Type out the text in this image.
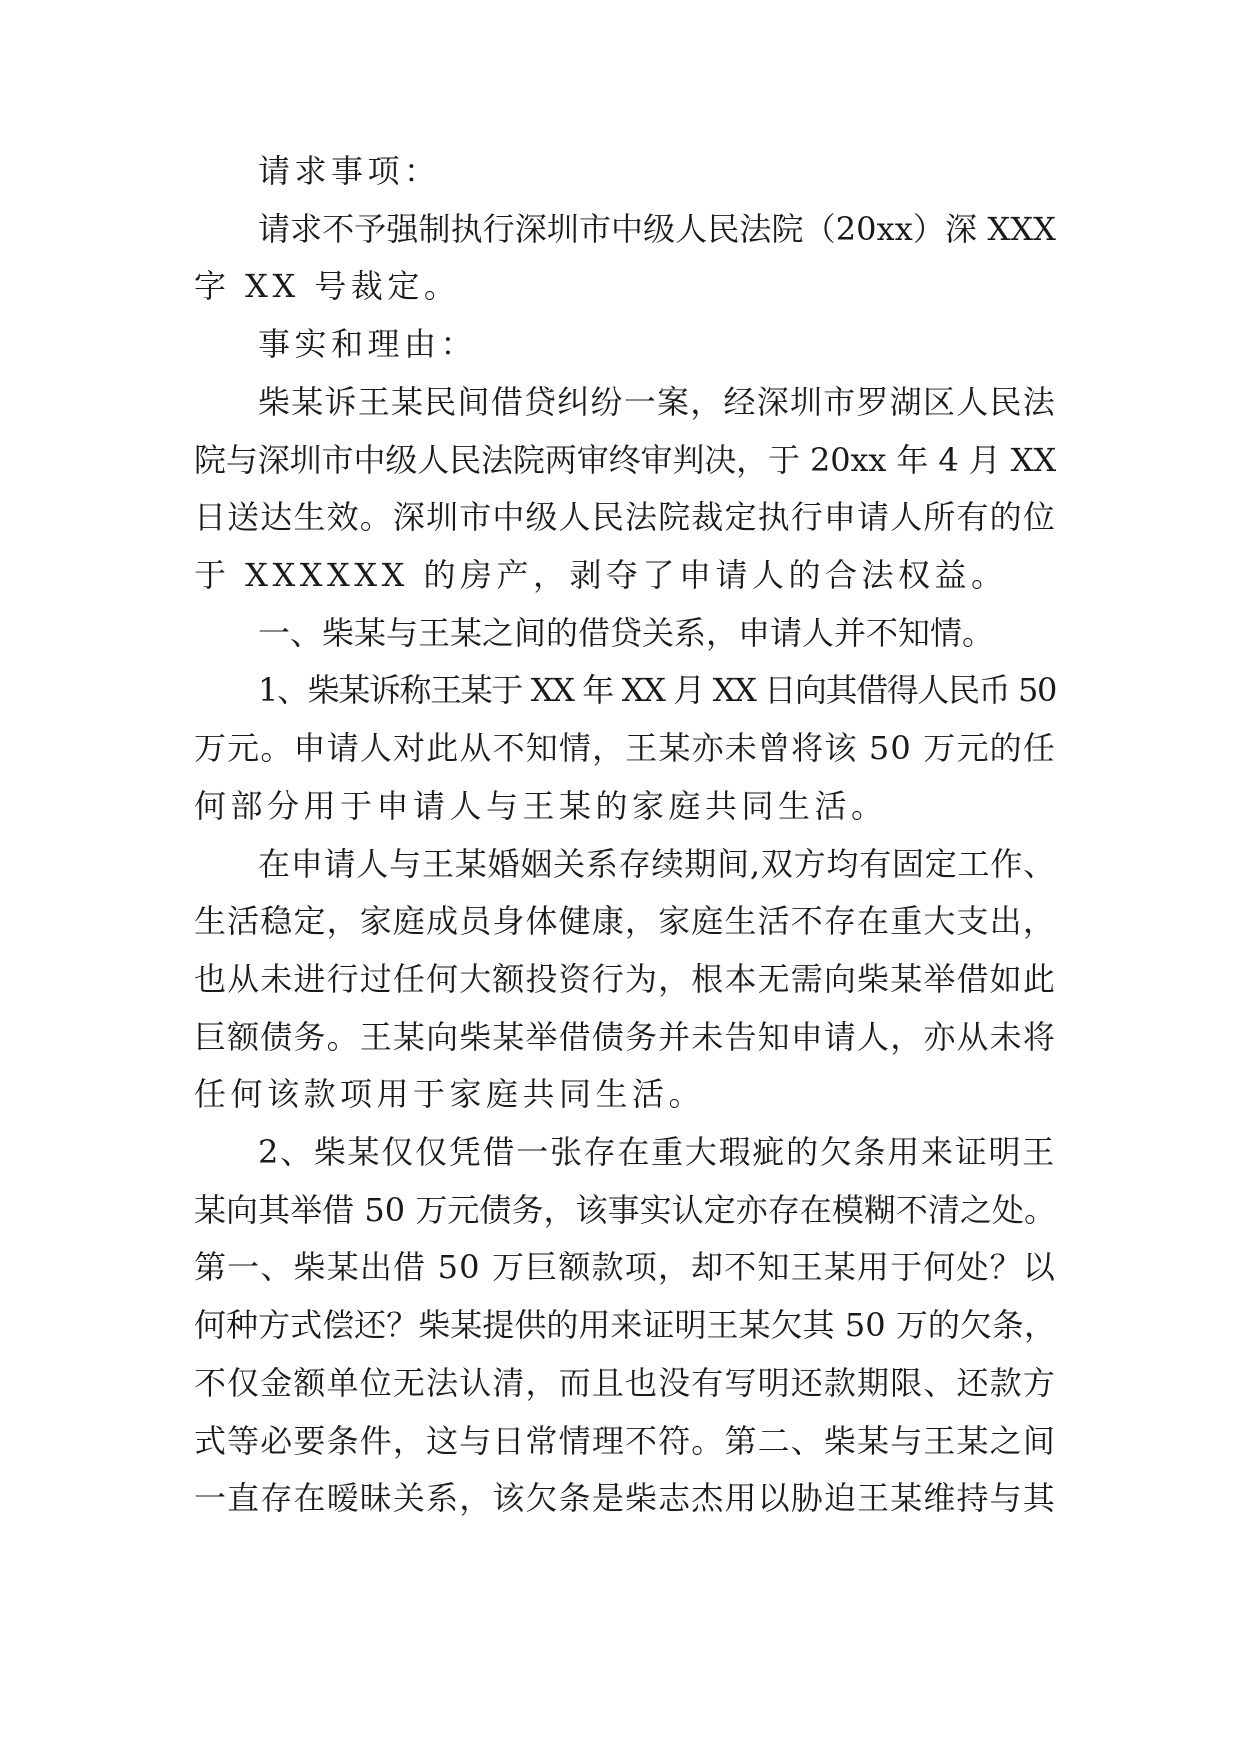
请求事项：

请求不予强制执行深圳市中级人民法院（20xx）深 XXX

字 XX 号裁定。

事实和理由：

柴某诉王某民间借贷纠纷一案，经深圳市罗湖区人民法

院与深圳市中级人民法院两审终审判决，于 20xx 年 4 月 XX

日送达生效。深圳市中级人民法院裁定执行申请人所有的位

于 XXXXXX 的房产，剥夺了申请人的合法权益。

一、柴某与王某之间的借贷关系，申请人并不知情。

1、柴某诉称王某于 XX 年 XX 月 XX 日向其借得人民币 50

万元。申请人对此从不知情，王某亦未曾将该 50 万元的任

何部分用于申请人与王某的家庭共同生活。

在申请人与王某婚姻关系存续期间,双方均有固定工作、

生活稳定，家庭成员身体健康，家庭生活不存在重大支出，

也从未进行过任何大额投资行为，根本无需向柴某举借如此

巨额债务。王某向柴某举借债务并未告知申请人，亦从未将

任何该款项用于家庭共同生活。

2、柴某仅仅凭借一张存在重大瑕疵的欠条用来证明王

某向其举借 50 万元债务，该事实认定亦存在模糊不清之处。

第一、柴某出借 50 万巨额款项，却不知王某用于何处？以

何种方式偿还？柴某提供的用来证明王某欠其 50 万的欠条，

不仅金额单位无法认清，而且也没有写明还款期限、还款方

式等必要条件，这与日常情理不符。第二、柴某与王某之间

一直存在暧昧关系，该欠条是柴志杰用以胁迫王某维持与其
